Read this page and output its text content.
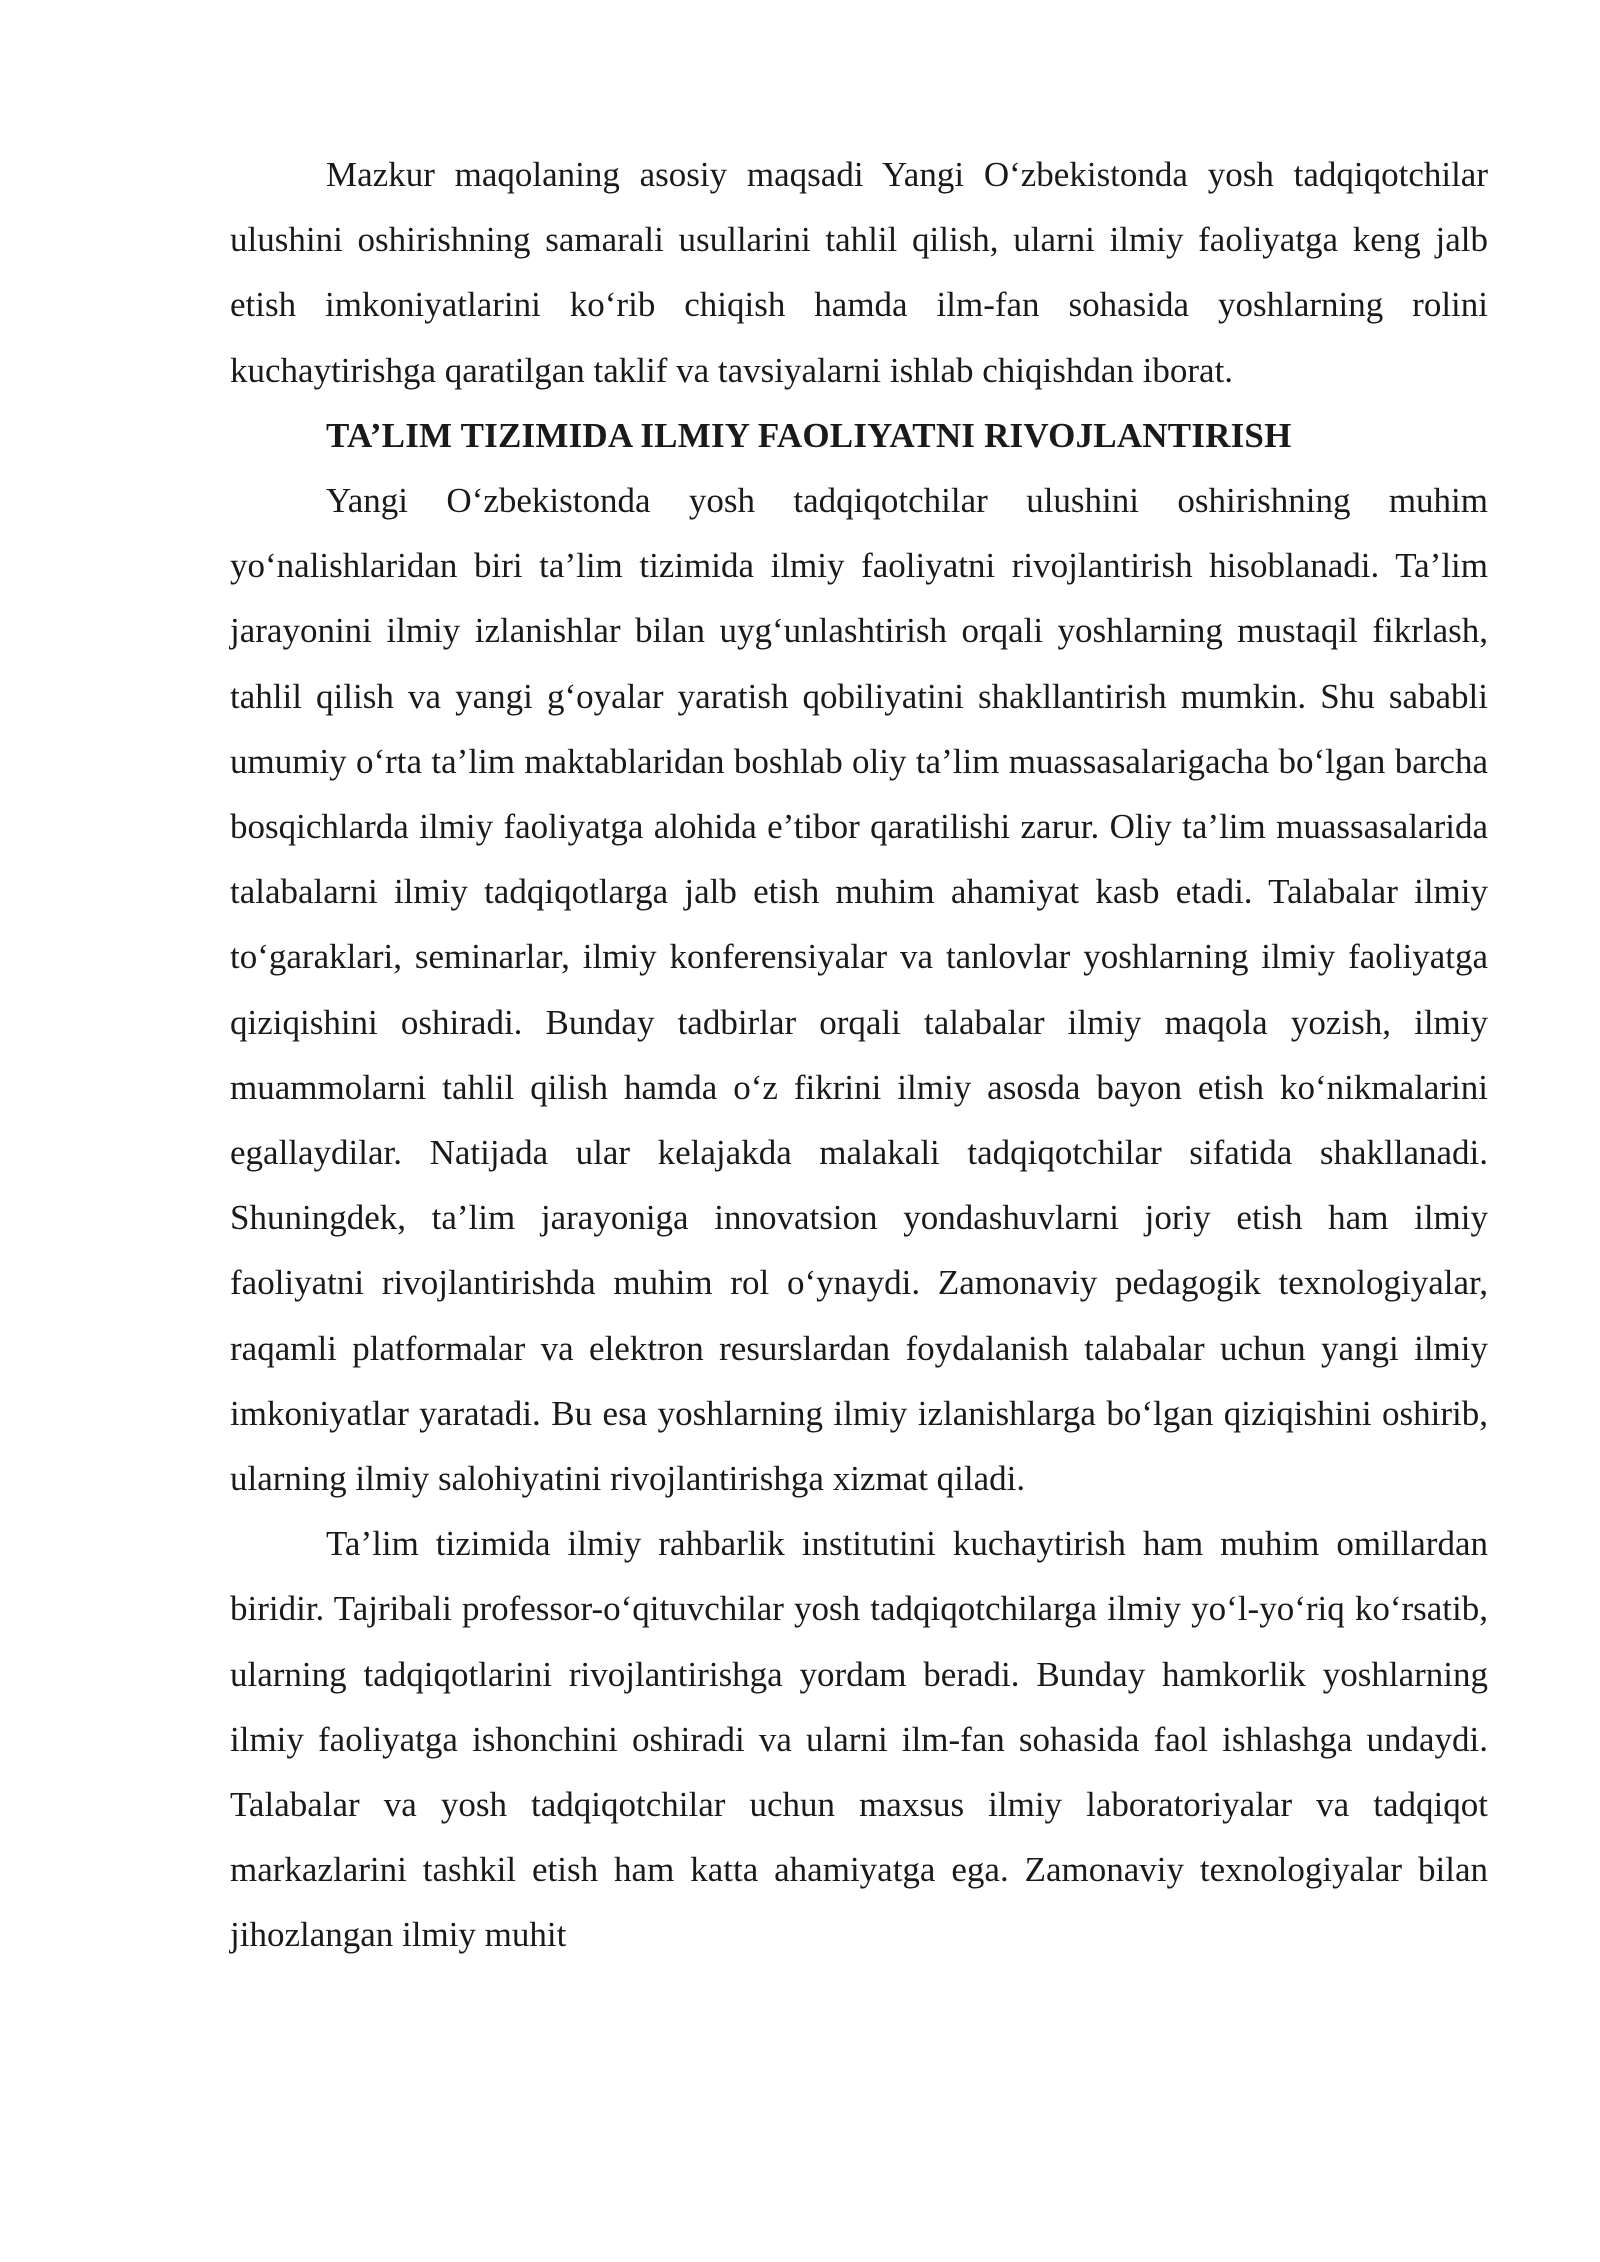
Mazkur maqolaning asosiy maqsadi Yangi O‘zbekistonda yosh tadqiqotchilar ulushini oshirishning samarali usullarini tahlil qilish, ularni ilmiy faoliyatga keng jalb etish imkoniyatlarini ko‘rib chiqish hamda ilm-fan sohasida yoshlarning rolini kuchaytirishga qaratilgan taklif va tavsiyalarni ishlab chiqishdan iborat.

TA’LIM TIZIMIDA ILMIY FAOLIYATNI RIVOJLANTIRISH

Yangi O‘zbekistonda yosh tadqiqotchilar ulushini oshirishning muhim yo‘nalishlaridan biri ta’lim tizimida ilmiy faoliyatni rivojlantirish hisoblanadi. Ta’lim jarayonini ilmiy izlanishlar bilan uyg‘unlashtirish orqali yoshlarning mustaqil fikrlash, tahlil qilish va yangi g‘oyalar yaratish qobiliyatini shakllantirish mumkin. Shu sababli umumiy o‘rta ta’lim maktablaridan boshlab oliy ta’lim muassasalarigacha bo‘lgan barcha bosqichlarda ilmiy faoliyatga alohida e’tibor qaratilishi zarur. Oliy ta’lim muassasalarida talabalarni ilmiy tadqiqotlarga jalb etish muhim ahamiyat kasb etadi. Talabalar ilmiy to‘garaklari, seminarlar, ilmiy konferensiyalar va tanlovlar yoshlarning ilmiy faoliyatga qiziqishini oshiradi. Bunday tadbirlar orqali talabalar ilmiy maqola yozish, ilmiy muammolarni tahlil qilish hamda o‘z fikrini ilmiy asosda bayon etish ko‘nikmalarini egallaydilar. Natijada ular kelajakda malakali tadqiqotchilar sifatida shakllanadi. Shuningdek, ta’lim jarayoniga innovatsion yondashuvlarni joriy etish ham ilmiy faoliyatni rivojlantirishda muhim rol o‘ynaydi. Zamonaviy pedagogik texnologiyalar, raqamli platformalar va elektron resurslardan foydalanish talabalar uchun yangi ilmiy imkoniyatlar yaratadi. Bu esa yoshlarning ilmiy izlanishlarga bo‘lgan qiziqishini oshirib, ularning ilmiy salohiyatini rivojlantirishga xizmat qiladi.

Ta’lim tizimida ilmiy rahbarlik institutini kuchaytirish ham muhim omillardan biridir. Tajribali professor-o‘qituvchilar yosh tadqiqotchilarga ilmiy yo‘l-yo‘riq ko‘rsatib, ularning tadqiqotlarini rivojlantirishga yordam beradi. Bunday hamkorlik yoshlarning ilmiy faoliyatga ishonchini oshiradi va ularni ilm-fan sohasida faol ishlashga undaydi. Talabalar va yosh tadqiqotchilar uchun maxsus ilmiy laboratoriyalar va tadqiqot markazlarini tashkil etish ham katta ahamiyatga ega. Zamonaviy texnologiyalar bilan jihozlangan ilmiy muhit
